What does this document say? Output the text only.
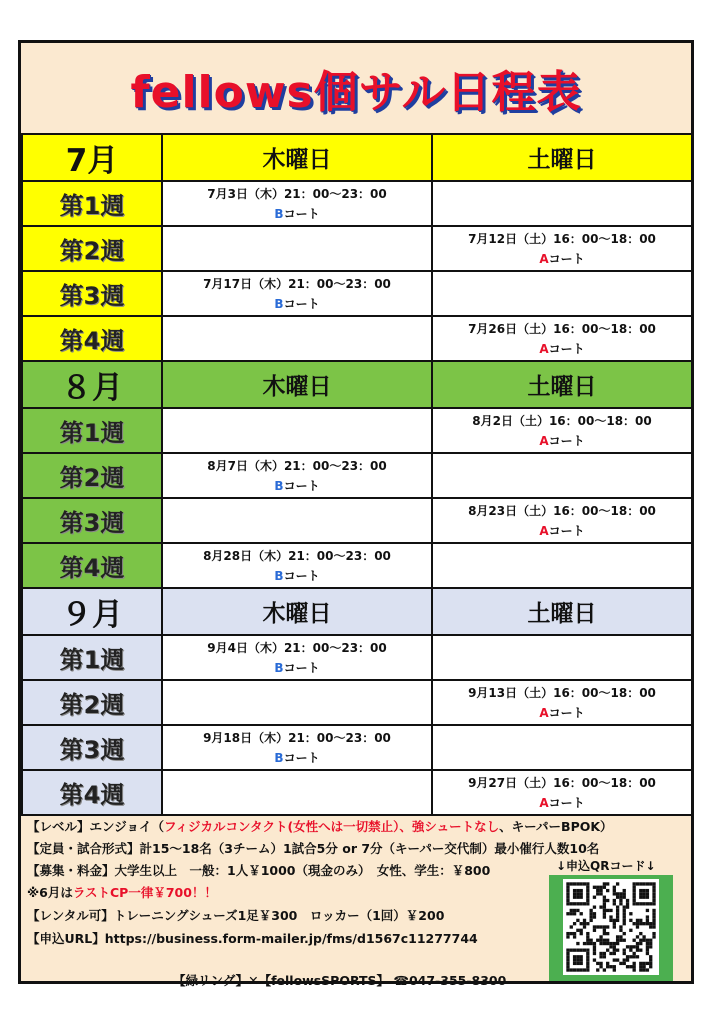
fellows個サル日程表
7月	木曜日	土曜日
第1週	7月3日（木）21：00〜23：00
Bコート	

第2週		7月12日（土）16：00〜18：00
Aコート

第3週	7月17日（木）21：00〜23：00
Bコート	

第4週		7月26日（土）16：00〜18：00
Aコート

８月	木曜日	土曜日
第1週		8月2日（土）16：00〜18：00
Aコート

第2週	8月7日（木）21：00〜23：00
Bコート	

第3週		8月23日（土）16：00〜18：00
Aコート

第4週	8月28日（木）21：00〜23：00
Bコート	

９月	木曜日	土曜日
第1週	9月4日（木）21：00〜23：00
Bコート	

第2週		9月13日（土）16：00〜18：00
Aコート

第3週	9月18日（木）21：00〜23：00
Bコート	

第4週		9月27日（土）16：00〜18：00
Aコート
【レベル】エンジョイ（フィジカルコンタクト(女性へは一切禁止）、強シュートなし、キーパーBPOK）
【定員・試合形式】計15〜18名（3チーム）1試合5分 or 7分（キーパー交代制）最小催行人数10名
【募集・料金】大学生以上　一般：1人￥1000（現金のみ）　女性、学生：￥800
※6月はラストCP一律￥700！！
【レンタル可】トレーニングシューズ1足￥300　ロッカー（1回）￥200
【申込URL】https://business.form-mailer.jp/fms/d1567c11277744
↓申込QRコード↓
【緑リング】✕【fellowsSPORTS】 ☎047-355-8300
